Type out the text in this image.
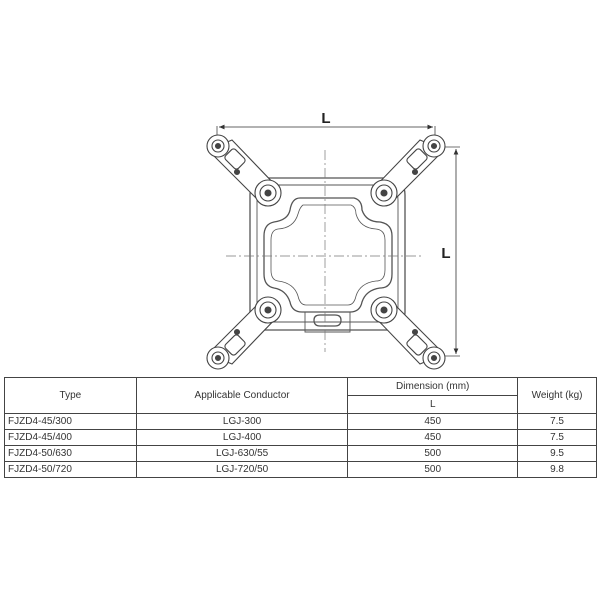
L
L
Type	Applicable Conductor	Dimension (mm)	Weight (kg)
		L	
FJZD4-45/300	LGJ-300	450	7.5
FJZD4-45/400	LGJ-400	450	7.5
FJZD4-50/630	LGJ-630/55	500	9.5
FJZD4-50/720	LGJ-720/50	500	9.8
